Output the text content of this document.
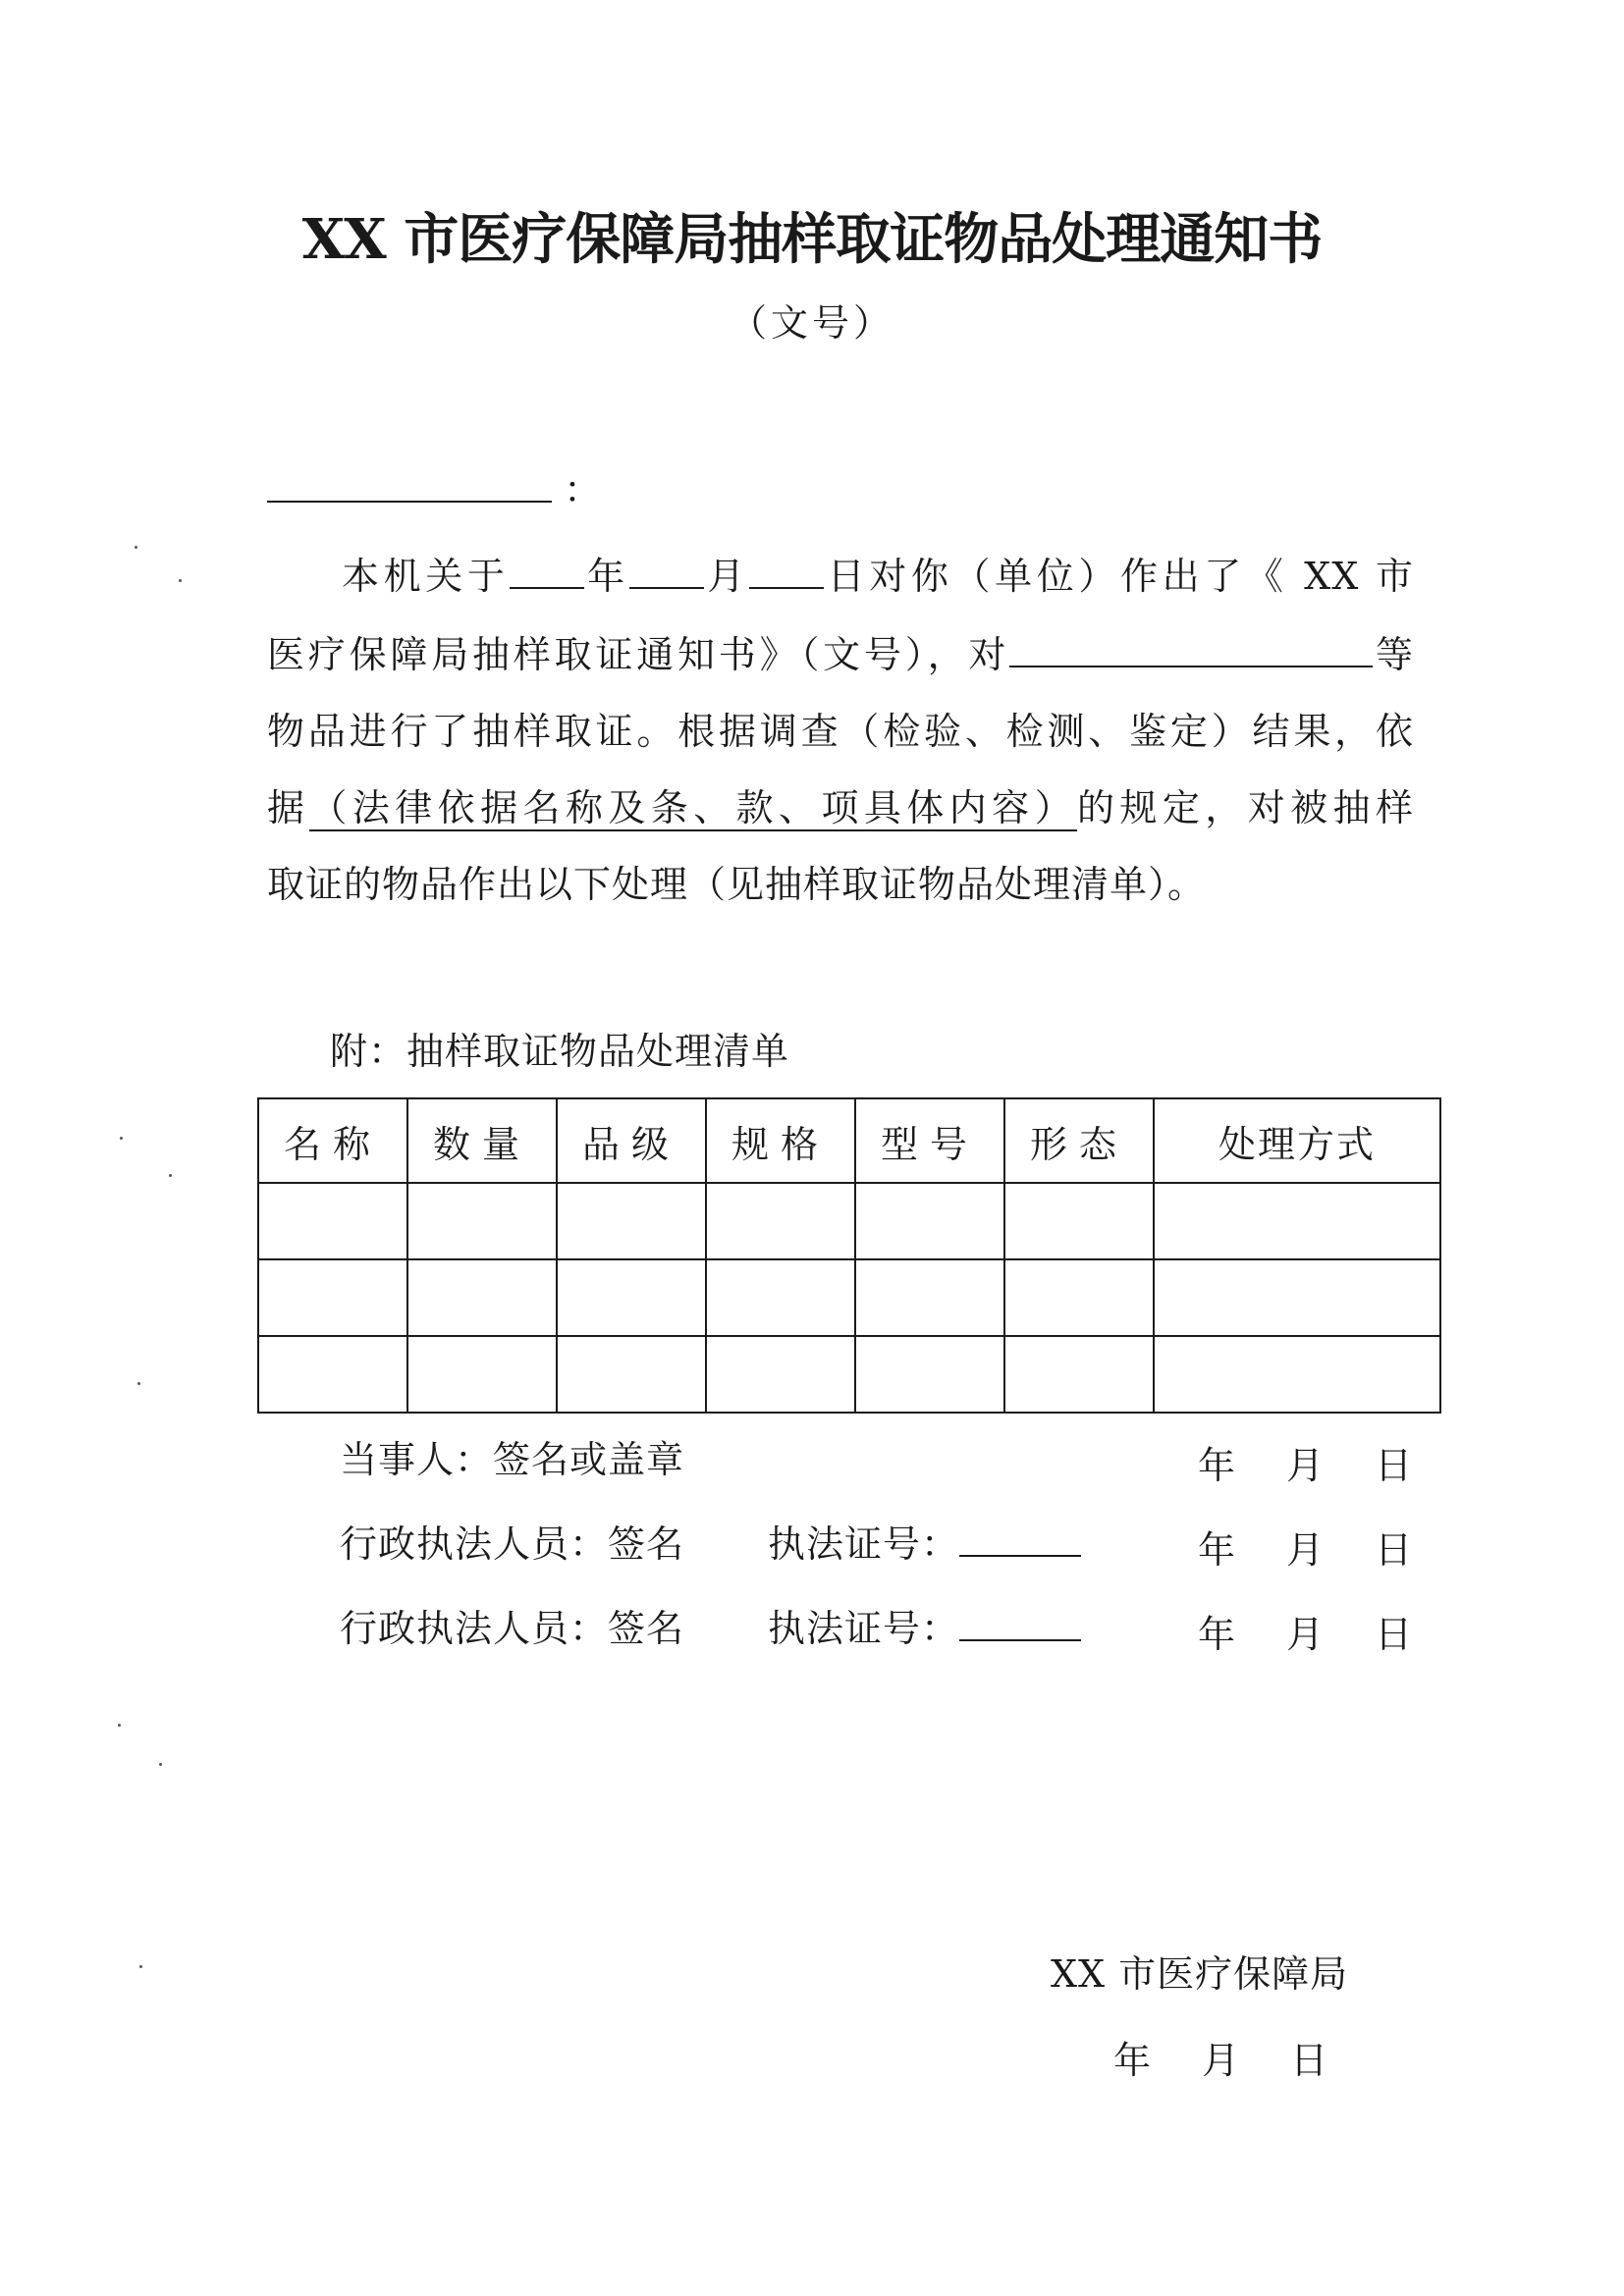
XX 市医疗保障局抽样取证物品处理通知书
（文号）
：
本机关于 年 月 日对你（单位）作出了《 XX 市
医疗保障局抽样取证通知书》（文号），对	等
物品进行了抽样取证。根据调查（检验、检测、鉴定）结果，依
据（法律依据名称及条、款、项具体内容）的规定，对被抽样
取证的物品作出以下处理（见抽样取证物品处理清单）。
附：抽样取证物品处理清单
名称	数量	品级	规格	型号	形态	处理方式

当事人：签名或盖章	年 月 日
行政执法人员：签名 执法证号：	年 月 日
行政执法人员：签名 执法证号：	年 月 日
XX 市医疗保障局
年 月 日
